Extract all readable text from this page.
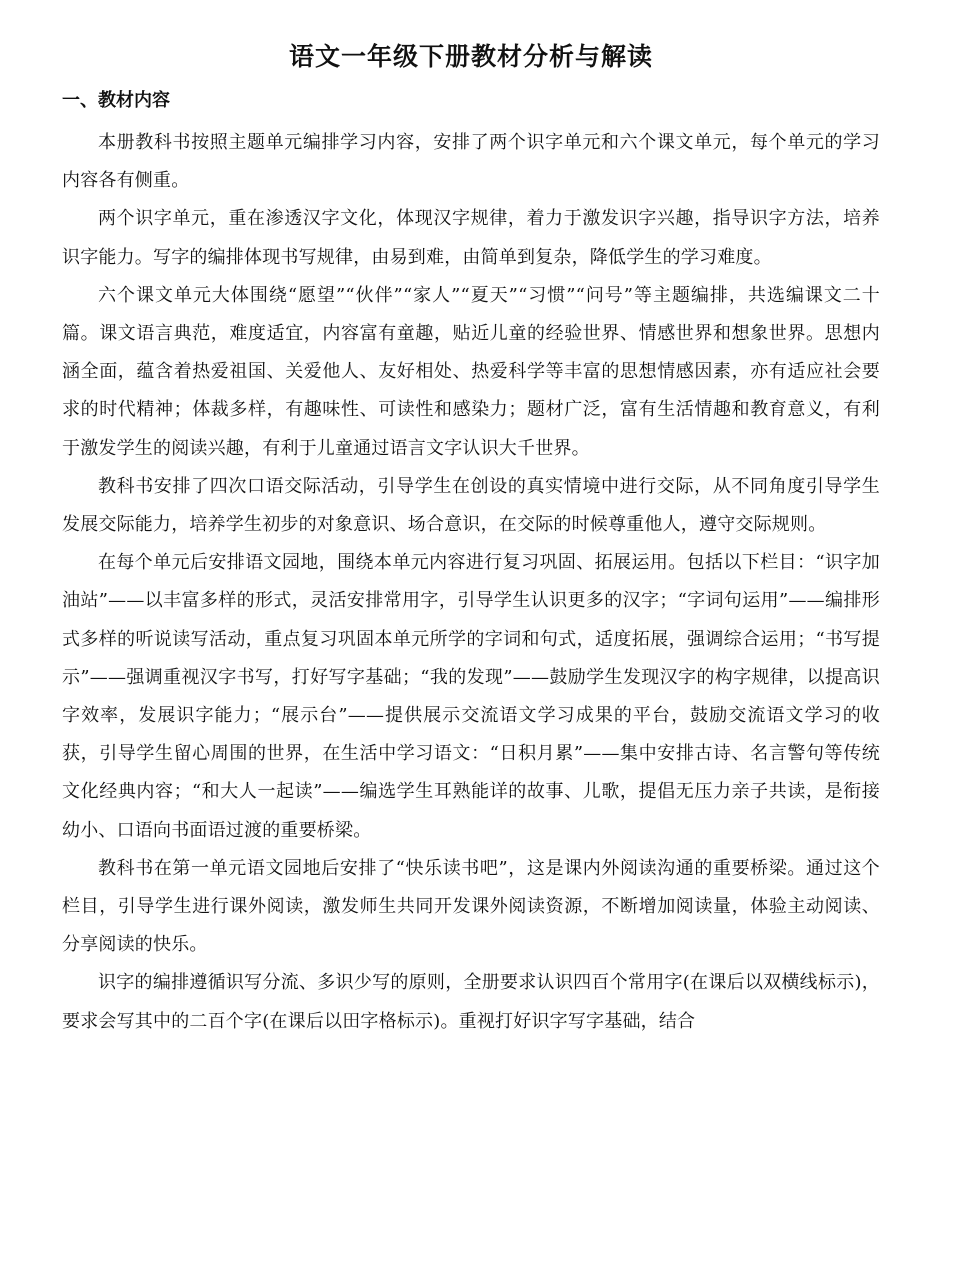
语文一年级下册教材分析与解读
一、教材内容

本册教科书按照主题单元编排学习内容，安排了两个识字单元和六个课文单元，每个单元的学习内容各有侧重。

两个识字单元，重在渗透汉字文化，体现汉字规律，着力于激发识字兴趣，指导识字方法，培养识字能力。写字的编排体现书写规律，由易到难，由简单到复杂，降低学生的学习难度。

六个课文单元大体围绕“愿望”“伙伴”“家人”“夏天”“习惯”“问号”等主题编排，共选编课文二十篇。课文语言典范，难度适宜，内容富有童趣，贴近儿童的经验世界、情感世界和想象世界。思想内涵全面，蕴含着热爱祖国、关爱他人、友好相处、热爱科学等丰富的思想情感因素，亦有适应社会要求的时代精神；体裁多样，有趣味性、可读性和感染力；题材广泛，富有生活情趣和教育意义，有利于激发学生的阅读兴趣，有利于儿童通过语言文字认识大千世界。

教科书安排了四次口语交际活动，引导学生在创设的真实情境中进行交际，从不同角度引导学生发展交际能力，培养学生初步的对象意识、场合意识，在交际的时候尊重他人，遵守交际规则。

在每个单元后安排语文园地，围绕本单元内容进行复习巩固、拓展运用。包括以下栏目：“识字加油站”——以丰富多样的形式，灵活安排常用字，引导学生认识更多的汉字；“字词句运用”——编排形式多样的听说读写活动，重点复习巩固本单元所学的字词和句式，适度拓展，强调综合运用；“书写提示”——强调重视汉字书写，打好写字基础；“我的发现”——鼓励学生发现汉字的构字规律，以提高识字效率，发展识字能力；“展示台”——提供展示交流语文学习成果的平台，鼓励交流语文学习的收获，引导学生留心周围的世界，在生活中学习语文：“日积月累”——集中安排古诗、名言警句等传统文化经典内容；“和大人一起读”——编选学生耳熟能详的故事、儿歌，提倡无压力亲子共读，是衔接幼小、口语向书面语过渡的重要桥梁。

教科书在第一单元语文园地后安排了“快乐读书吧”，这是课内外阅读沟通的重要桥梁。通过这个栏目，引导学生进行课外阅读，激发师生共同开发课外阅读资源，不断增加阅读量，体验主动阅读、分享阅读的快乐。

识字的编排遵循识写分流、多识少写的原则，全册要求认识四百个常用字(在课后以双横线标示)，要求会写其中的二百个字(在课后以田字格标示)。重视打好识字写字基础，结合
